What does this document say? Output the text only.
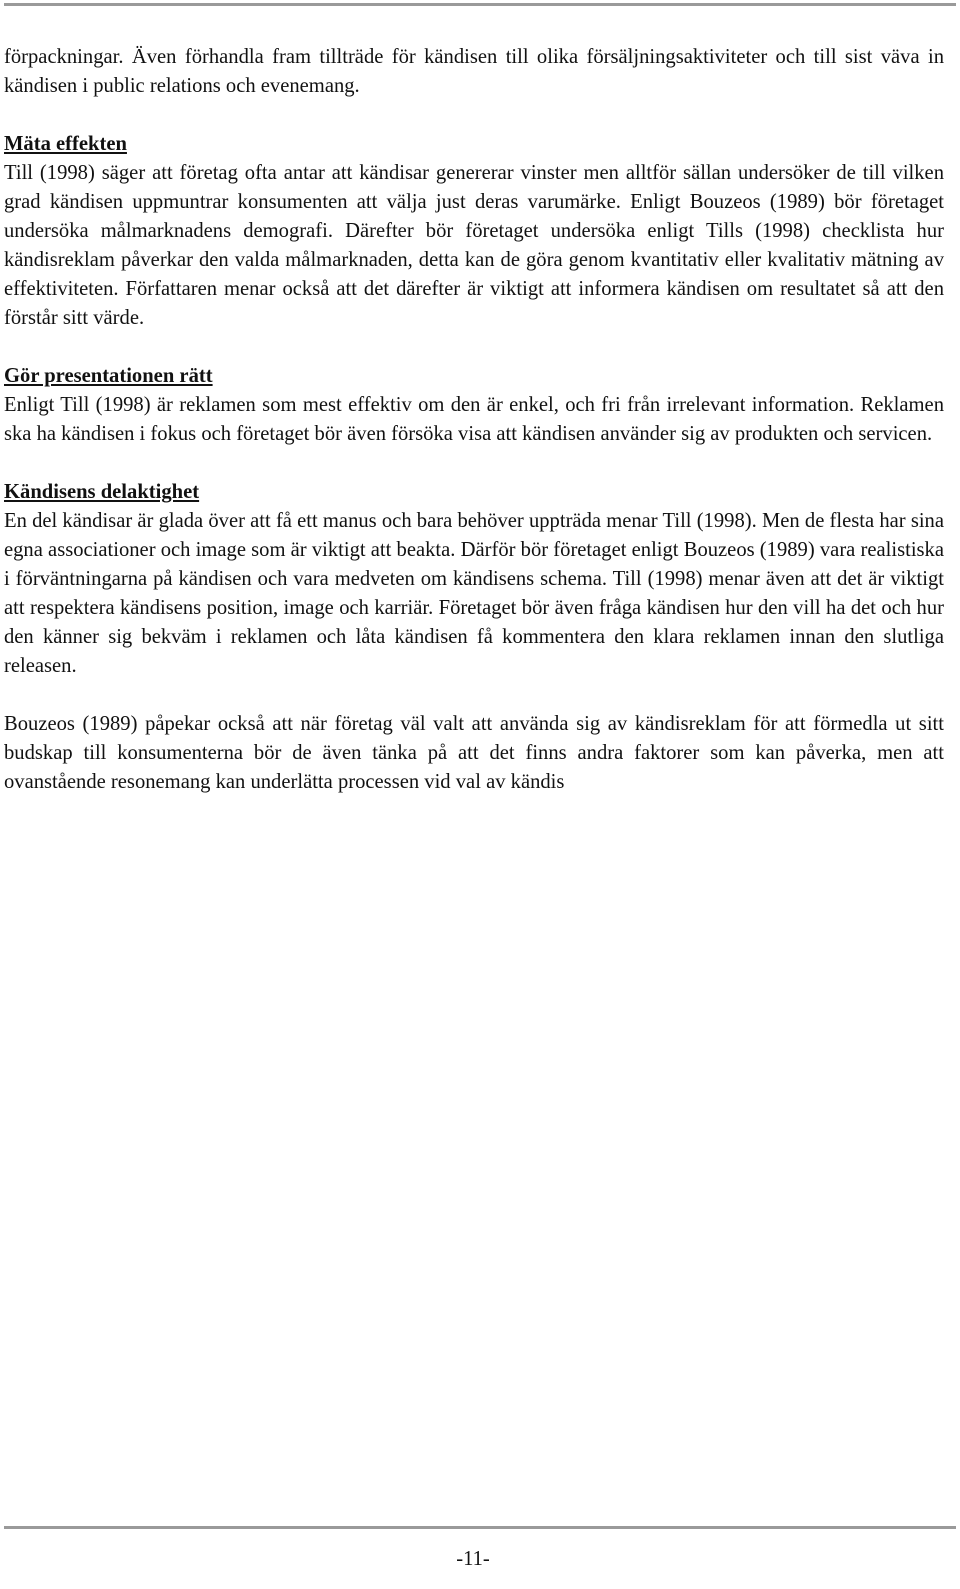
förpackningar. Även förhandla fram tillträde för kändisen till olika försäljningsaktiviteter och till sist väva in kändisen i public relations och evenemang.

Mäta effekten

Till (1998) säger att företag ofta antar att kändisar genererar vinster men alltför sällan undersöker de till vilken grad kändisen uppmuntrar konsumenten att välja just deras varumärke. Enligt Bouzeos (1989) bör företaget undersöka målmarknadens demografi. Därefter bör företaget undersöka enligt Tills (1998) checklista hur kändisreklam påverkar den valda målmarknaden, detta kan de göra genom kvantitativ eller kvalitativ mätning av effektiviteten. Författaren menar också att det därefter är viktigt att informera kändisen om resultatet så att den förstår sitt värde.

Gör presentationen rätt

Enligt Till (1998) är reklamen som mest effektiv om den är enkel, och fri från irrelevant information. Reklamen ska ha kändisen i fokus och företaget bör även försöka visa att kändisen använder sig av produkten och servicen.

Kändisens delaktighet

En del kändisar är glada över att få ett manus och bara behöver uppträda menar Till (1998). Men de flesta har sina egna associationer och image som är viktigt att beakta. Därför bör företaget enligt Bouzeos (1989) vara realistiska i förväntningarna på kändisen och vara medveten om kändisens schema. Till (1998) menar även att det är viktigt att respektera kändisens position, image och karriär. Företaget bör även fråga kändisen hur den vill ha det och hur den känner sig bekväm i reklamen och låta kändisen få kommentera den klara reklamen innan den slutliga releasen.

Bouzeos (1989) påpekar också att när företag väl valt att använda sig av kändisreklam för att förmedla ut sitt budskap till konsumenterna bör de även tänka på att det finns andra faktorer som kan påverka, men att ovanstående resonemang kan underlätta processen vid val av kändis

-11-
